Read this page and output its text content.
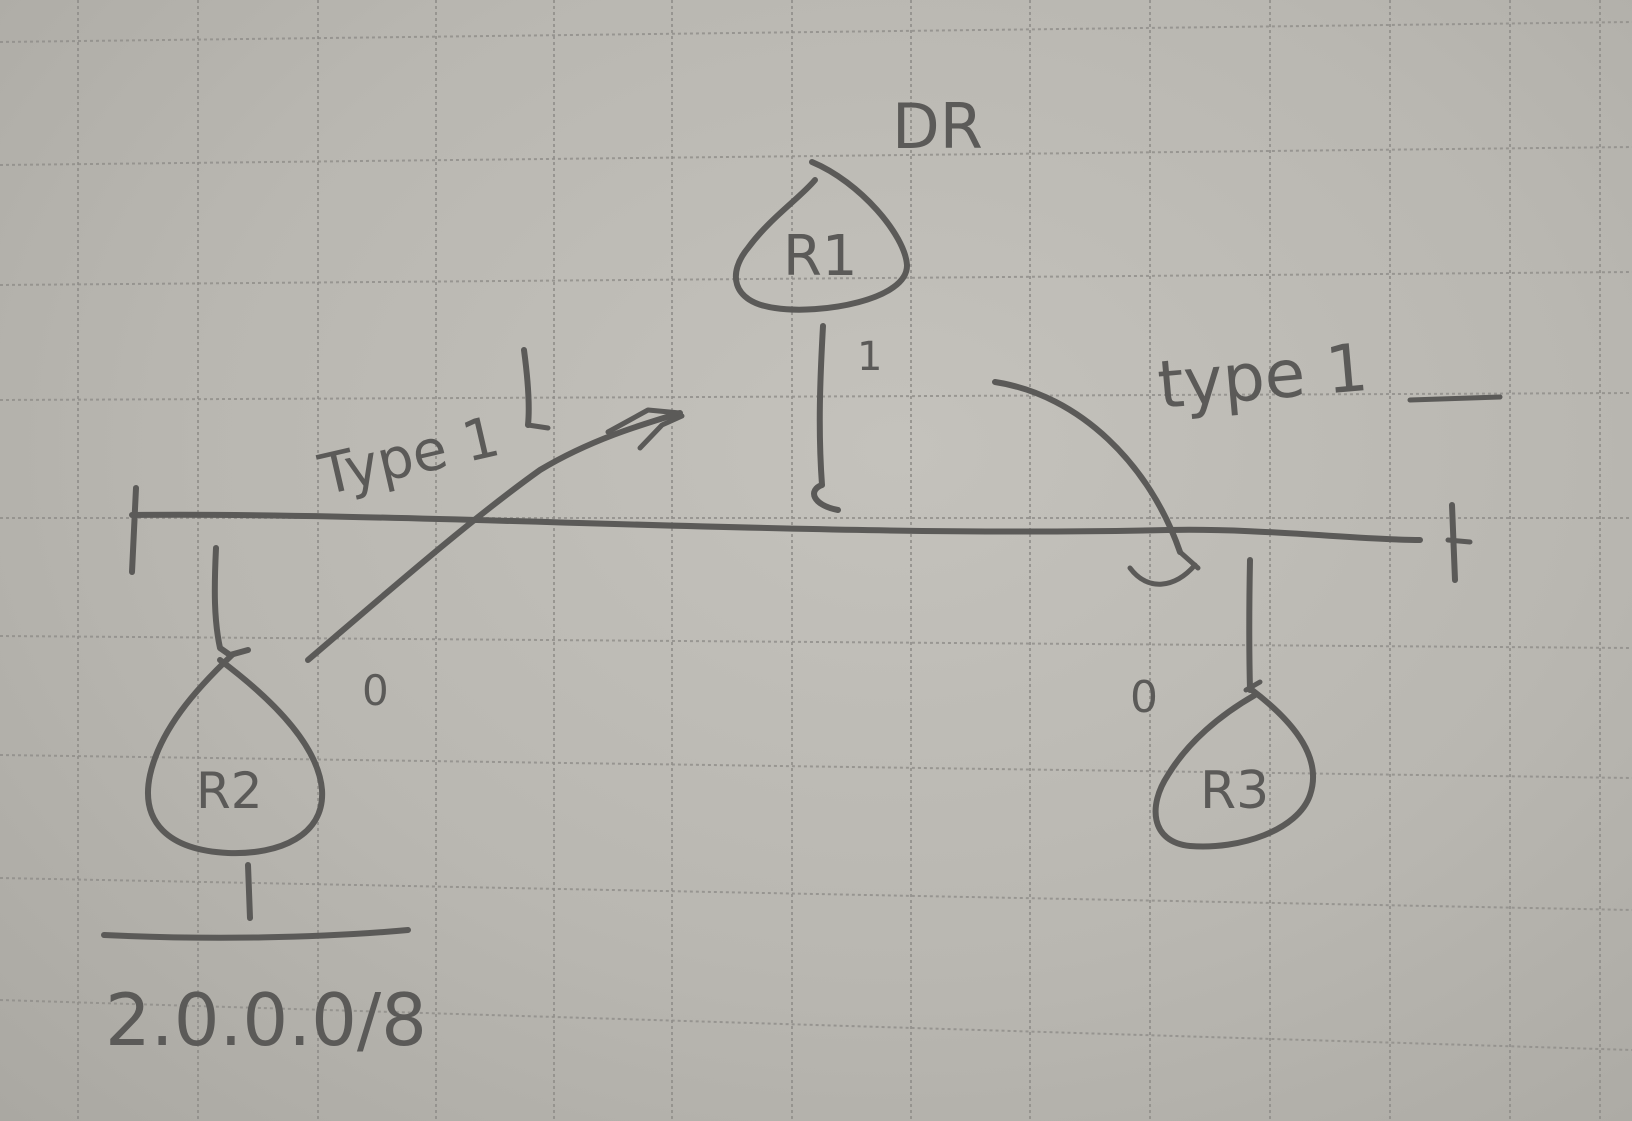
R1
DR
1
R2
0
2.0.0.0/8
Type 1
type 1
R3
0
